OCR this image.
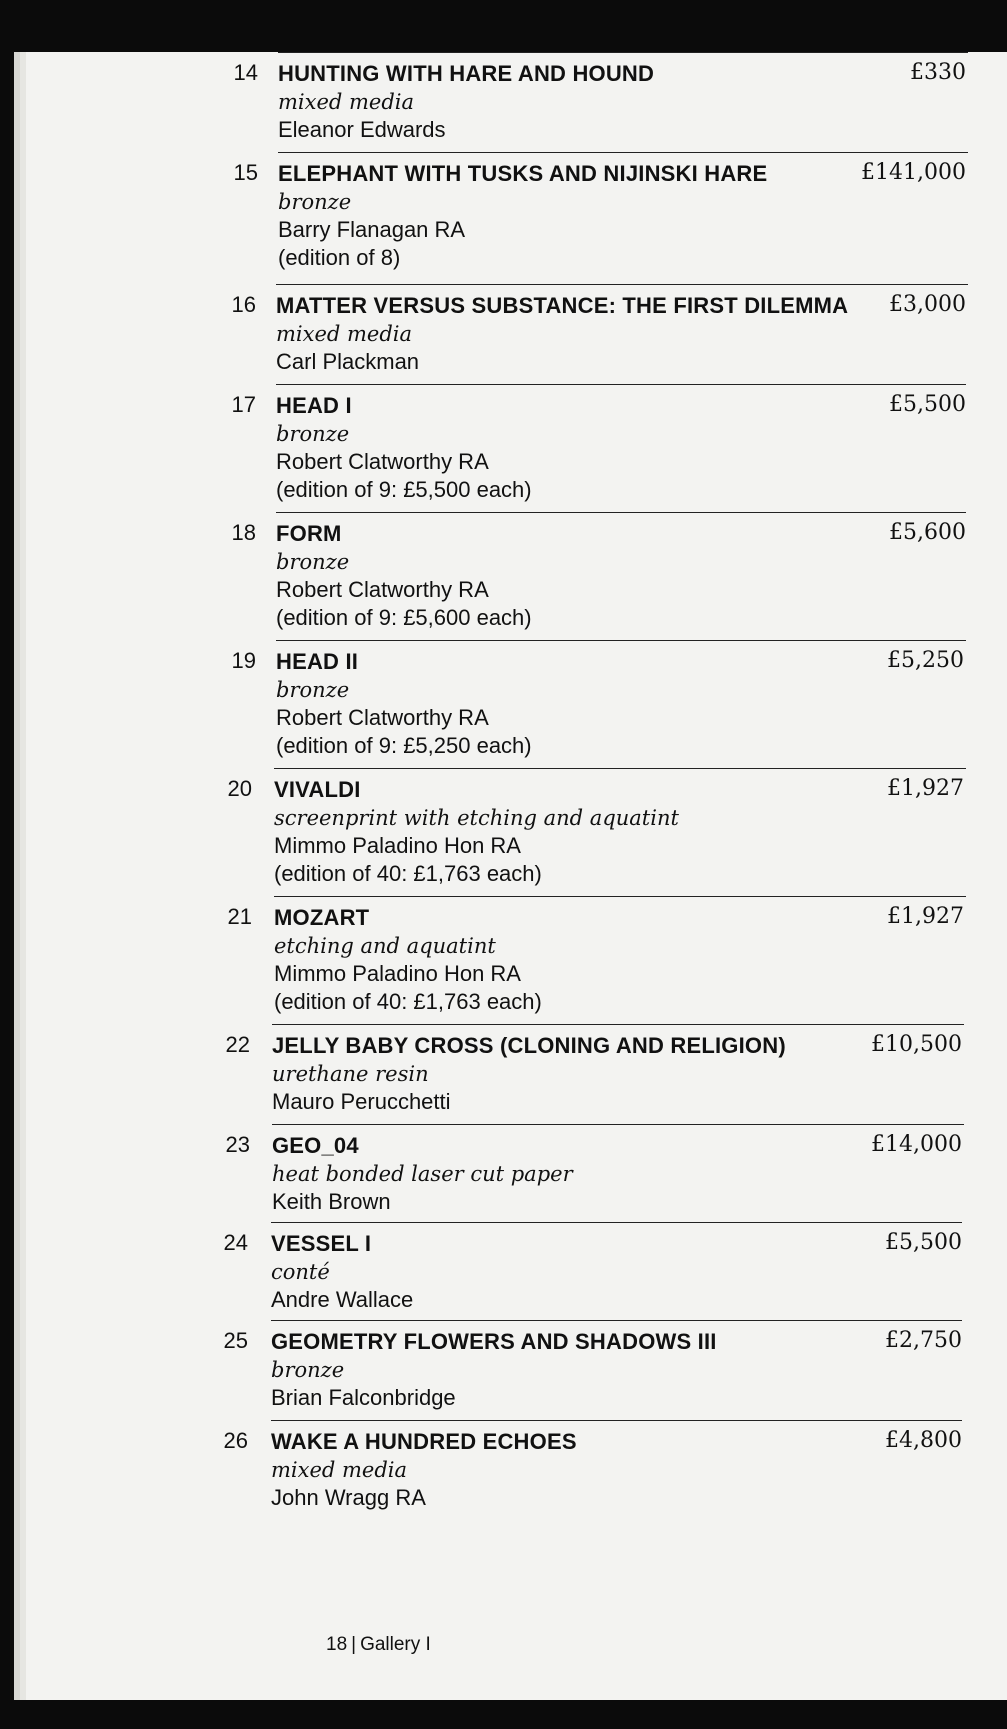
14 HUNTING WITH HARE AND HOUND
mixed media
Eleanor Edwards
£330
15 ELEPHANT WITH TUSKS AND NIJINSKI HARE
bronze
Barry Flanagan RA
(edition of 8)
£141,000
16 MATTER VERSUS SUBSTANCE: THE FIRST DILEMMA
mixed media
Carl Plackman
£3,000
17 HEAD I
bronze
Robert Clatworthy RA
(edition of 9: £5,500 each)
£5,500
18 FORM
bronze
Robert Clatworthy RA
(edition of 9: £5,600 each)
£5,600
19 HEAD II
bronze
Robert Clatworthy RA
(edition of 9: £5,250 each)
£5,250
20 VIVALDI
screenprint with etching and aquatint
Mimmo Paladino Hon RA
(edition of 40: £1,763 each)
£1,927
21 MOZART
etching and aquatint
Mimmo Paladino Hon RA
(edition of 40: £1,763 each)
£1,927
22 JELLY BABY CROSS (CLONING AND RELIGION)
urethane resin
Mauro Perucchetti
£10,500
23 GEO_04
heat bonded laser cut paper
Keith Brown
£14,000
24 VESSEL I
conté
Andre Wallace
£5,500
25 GEOMETRY FLOWERS AND SHADOWS III
bronze
Brian Falconbridge
£2,750
26 WAKE A HUNDRED ECHOES
mixed media
John Wragg RA
£4,800
18 | Gallery I
